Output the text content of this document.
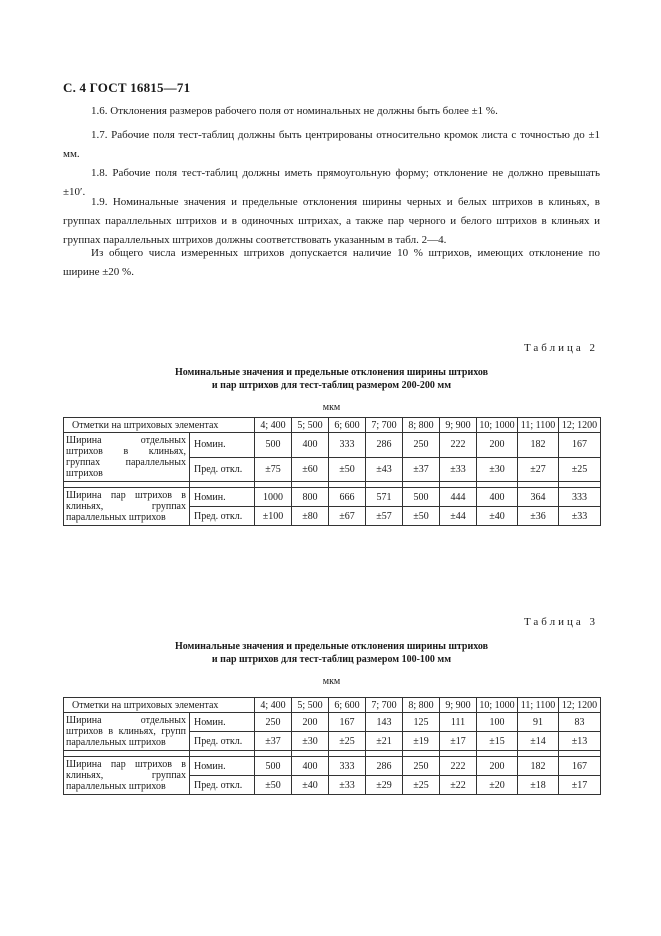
С. 4 ГОСТ 16815—71

1.6. Отклонения размеров рабочего поля от номинальных не должны быть более ±1 %.

1.7. Рабочие поля тест-таблиц должны быть центрированы относительно кромок листа с точностью до ±1 мм.

1.8. Рабочие поля тест-таблиц должны иметь прямоугольную форму; отклонение не должно превышать ±10′.

1.9. Номинальные значения и предельные отклонения ширины черных и белых штрихов в клиньях, в группах параллельных штрихов и в одиночных штрихах, а также пар черного и белого штрихов в клиньях и группах параллельных штрихов должны соответствовать указанным в табл. 2—4.

Из общего числа измеренных штрихов допускается наличие 10 % штрихов, имеющих отклонение по ширине ±20 %.

Таблица 2
Номинальные значения и предельные отклонения ширины штрихов
и пар штрихов для тест-таблиц размером 200-200 мм
мкм
Отметки на штриховых элементах		4; 400	5; 500	6; 600	7; 700	8; 800	9; 900	10; 1000	11; 1100	12; 1200

Ширина отдельных штрихов в клиньях, группах параллельных штрихов	Номин.	500	400	333	286	250	222	200	182	167
	Пред. откл.	±75	±60	±50	±43	±37	±33	±30	±27	±25

Ширина пар штрихов в клиньях, группах параллельных штрихов	Номин.	1000	800	666	571	500	444	400	364	333
	Пред. откл.	±100	±80	±67	±57	±50	±44	±40	±36	±33
Таблица 3
Номинальные значения и предельные отклонения ширины штрихов
и пар штрихов для тест-таблиц размером 100-100 мм
мкм
Отметки на штриховых элементах		4; 400	5; 500	6; 600	7; 700	8; 800	9; 900	10; 1000	11; 1100	12; 1200

Ширина отдельных штрихов в клиньях, групп параллельных штрихов	Номин.	250	200	167	143	125	111	100	91	83
	Пред. откл.	±37	±30	±25	±21	±19	±17	±15	±14	±13

Ширина пар штрихов в клиньях, группах параллельных штрихов	Номин.	500	400	333	286	250	222	200	182	167
	Пред. откл.	±50	±40	±33	±29	±25	±22	±20	±18	±17
